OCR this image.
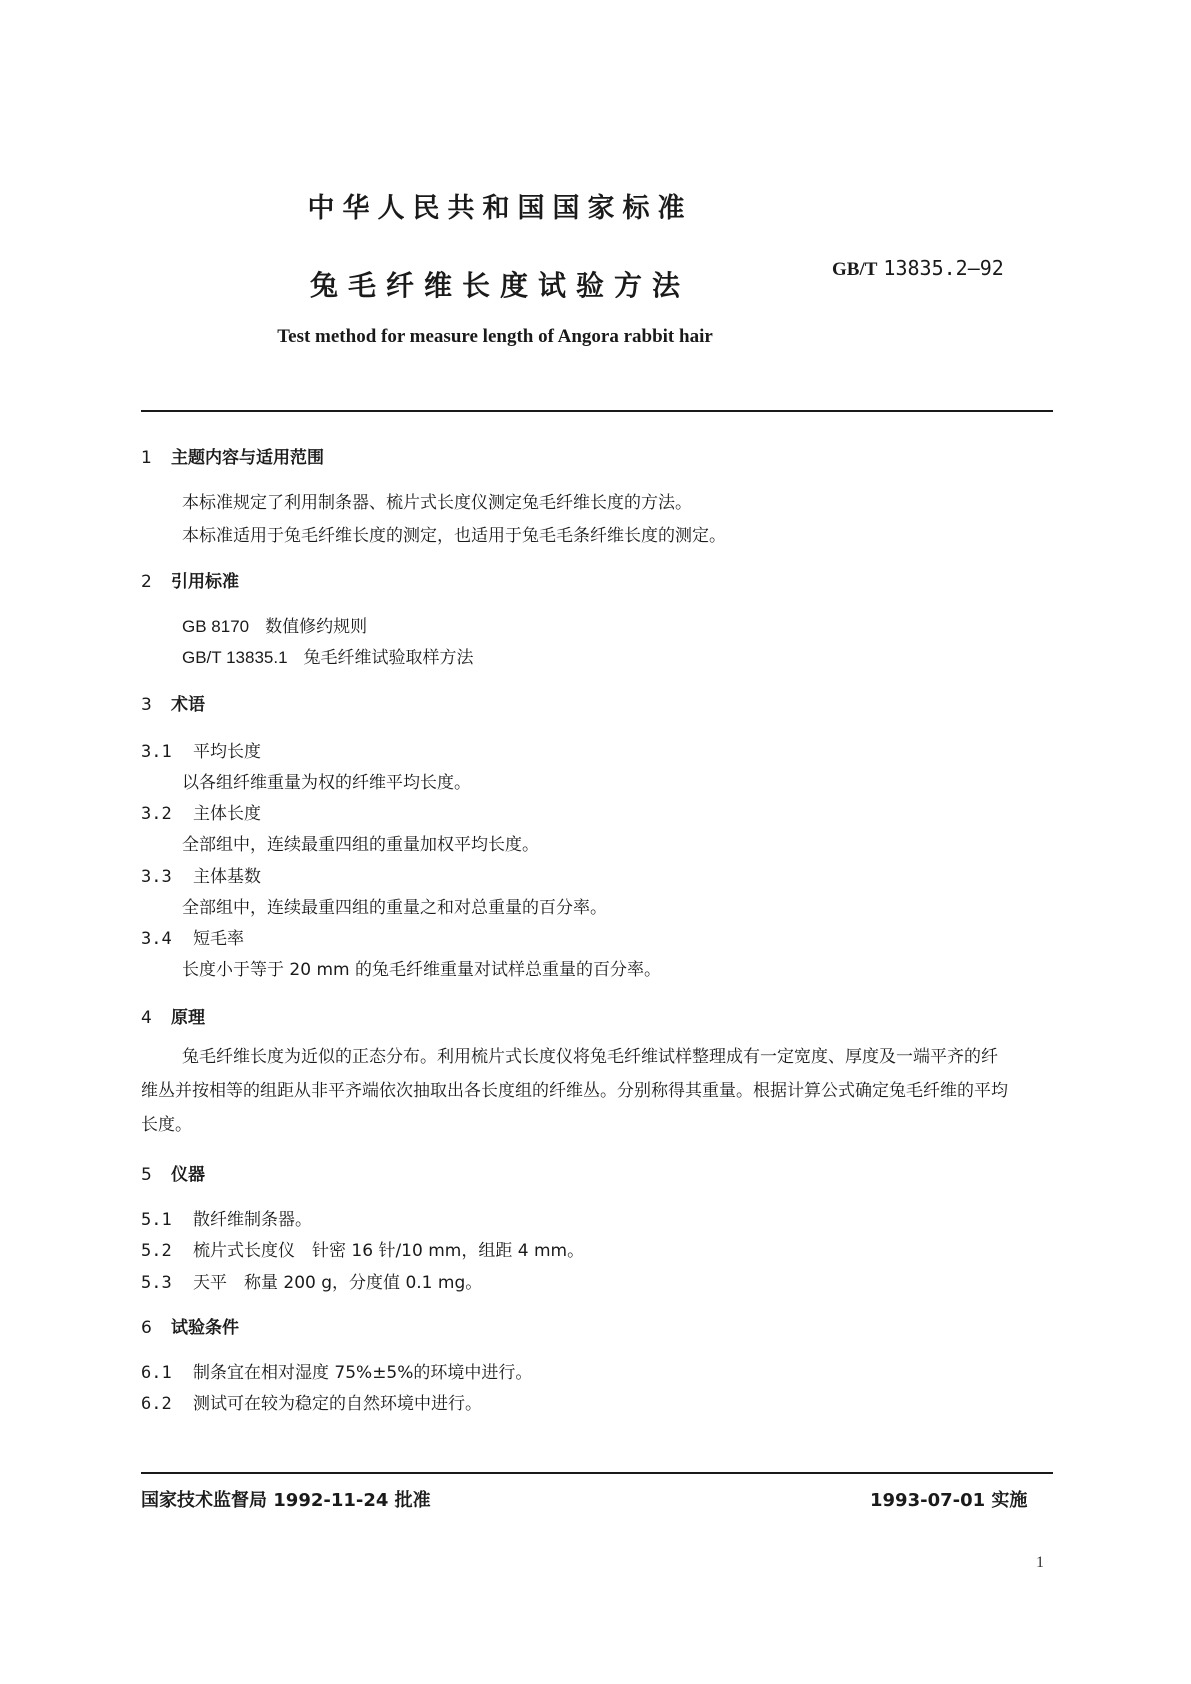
中华人民共和国国家标准
兔毛纤维长度试验方法	GB/T 13835.2—92
Test method for measure length of Angora rabbit hair
1 主题内容与适用范围
本标准规定了利用制条器、梳片式长度仪测定兔毛纤维长度的方法。
本标准适用于兔毛纤维长度的测定，也适用于兔毛毛条纤维长度的测定。
2 引用标准
GB 8170 数值修约规则
GB/T 13835.1 兔毛纤维试验取样方法
3 术语
3.1 平均长度
以各组纤维重量为权的纤维平均长度。
3.2 主体长度
全部组中，连续最重四组的重量加权平均长度。
3.3 主体基数
全部组中，连续最重四组的重量之和对总重量的百分率。
3.4 短毛率
长度小于等于 20 mm 的兔毛纤维重量对试样总重量的百分率。
4 原理
兔毛纤维长度为近似的正态分布。利用梳片式长度仪将兔毛纤维试样整理成有一定宽度、厚度及一端平齐的纤维丛并按相等的组距从非平齐端依次抽取出各长度组的纤维丛。分别称得其重量。根据计算公式确定兔毛纤维的平均长度。
5 仪器
5.1 散纤维制条器。
5.2 梳片式长度仪　针密 16 针/10 mm，组距 4 mm。
5.3 天平　称量 200 g，分度值 0.1 mg。
6 试验条件
6.1 制条宜在相对湿度 75%±5%的环境中进行。
6.2 测试可在较为稳定的自然环境中进行。
国家技术监督局 1992-11-24 批准	1993-07-01 实施
1
